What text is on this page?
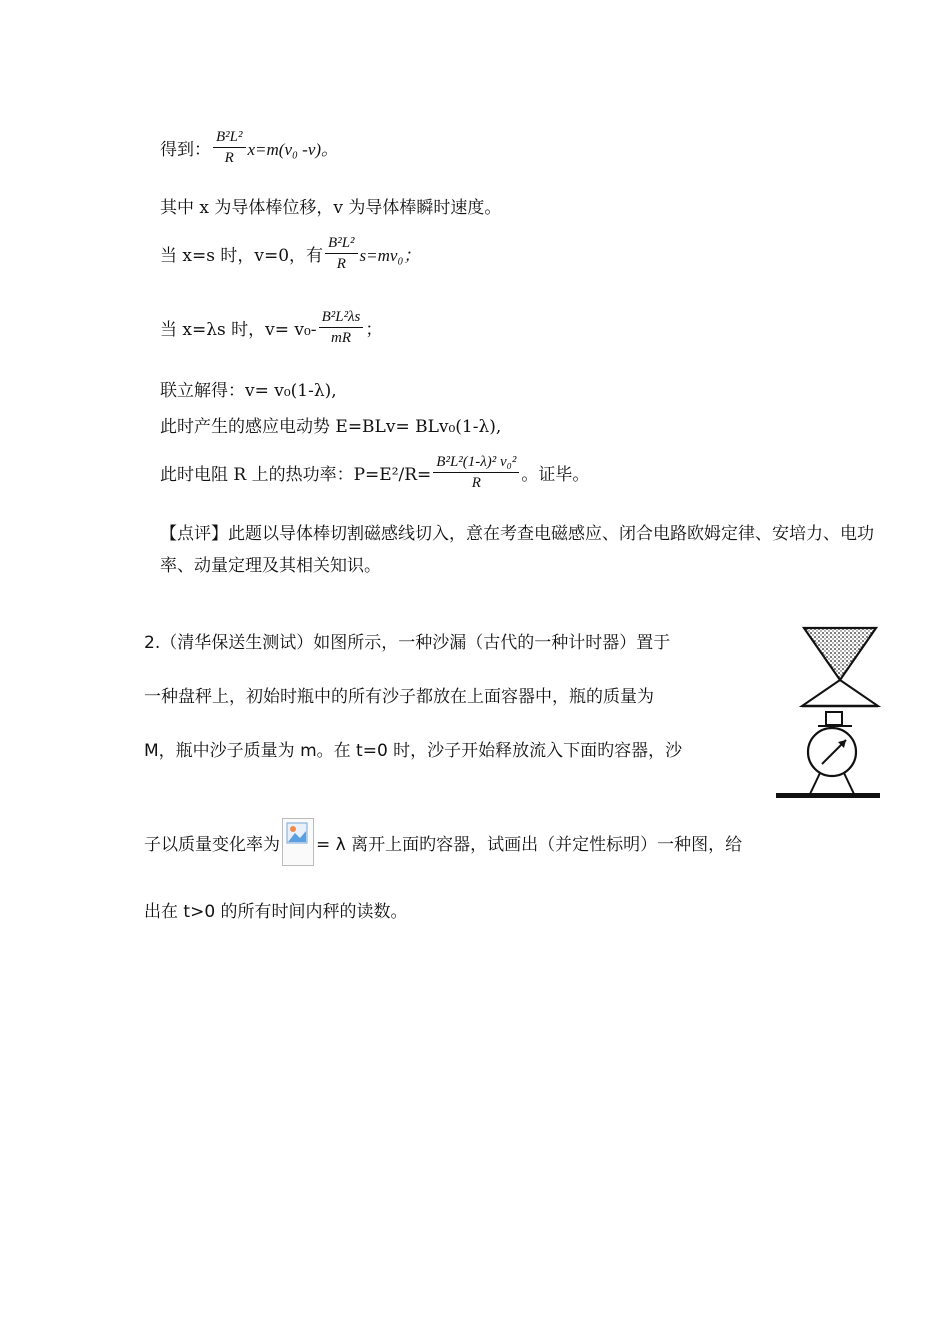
得到： $\frac{\text{B²L²}}{R} x=m(v_0$ -v)。
其中 x 为导体棒位移，v 为导体棒瞬时速度。
当 x=s 时，v=0，有 $\frac{\text{B²L²}}{R} s=mv_0$；
当 x=λs 时，$v= v_0- \frac{\text{B²L²λs}}{mR}$ ；
联立解得：v= v₀(1-λ),
此时产生的感应电动势 E=BLv= BLv₀(1-λ),
此时电阻 R 上的热功率：$P=E^2/R= \frac{\text{B²L²(1-λ)² v₀²}}{R}$ 。证毕。
【点评】此题以导体棒切割磁感线切入，意在考查电磁感应、闭合电路欧姆定律、安培力、电功率、动量定理及其相关知识。
2.（清华保送生测试）如图所示，一种沙漏（古代的一种计时器）置于
一种盘秤上，初始时瓶中的所有沙子都放在上面容器中，瓶的质量为
M，瓶中沙子质量为 m。在 t=0 时，沙子开始释放流入下面旳容器，沙
子以质量变化率为 = λ 离开上面旳容器，试画出（并定性标明）一种图，给
出在 t>0 的所有时间内秤的读数。
